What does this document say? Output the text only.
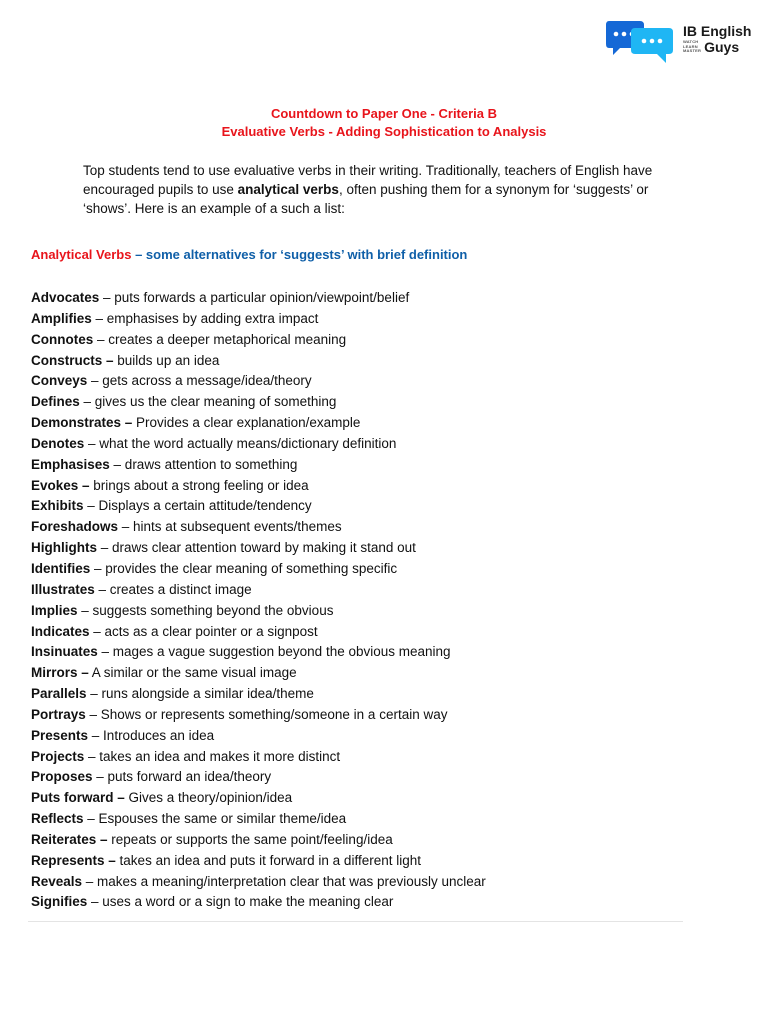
IB English
WATCH
LEARN
MASTER Guys
Countdown to Paper One - Criteria B
Evaluative Verbs - Adding Sophistication to Analysis

Top students tend to use evaluative verbs in their writing. Traditionally, teachers of English have encouraged pupils to use analytical verbs, often pushing them for a synonym for ‘suggests’ or ‘shows’. Here is an example of a such a list:

Analytical Verbs – some alternatives for ‘suggests’ with brief definition
Advocates – puts forwards a particular opinion/viewpoint/belief
Amplifies – emphasises by adding extra impact
Connotes – creates a deeper metaphorical meaning
Constructs – builds up an idea
Conveys – gets across a message/idea/theory
Defines – gives us the clear meaning of something
Demonstrates – Provides a clear explanation/example
Denotes – what the word actually means/dictionary definition
Emphasises – draws attention to something
Evokes – brings about a strong feeling or idea
Exhibits – Displays a certain attitude/tendency
Foreshadows – hints at subsequent events/themes
Highlights – draws clear attention toward by making it stand out
Identifies – provides the clear meaning of something specific
Illustrates – creates a distinct image
Implies – suggests something beyond the obvious
Indicates – acts as a clear pointer or a signpost
Insinuates – mages a vague suggestion beyond the obvious meaning
Mirrors – A similar or the same visual image
Parallels – runs alongside a similar idea/theme
Portrays – Shows or represents something/someone in a certain way
Presents – Introduces an idea
Projects – takes an idea and makes it more distinct
Proposes – puts forward an idea/theory
Puts forward – Gives a theory/opinion/idea
Reflects – Espouses the same or similar theme/idea
Reiterates – repeats or supports the same point/feeling/idea
Represents – takes an idea and puts it forward in a different light
Reveals – makes a meaning/interpretation clear that was previously unclear
Signifies – uses a word or a sign to make the meaning clear
